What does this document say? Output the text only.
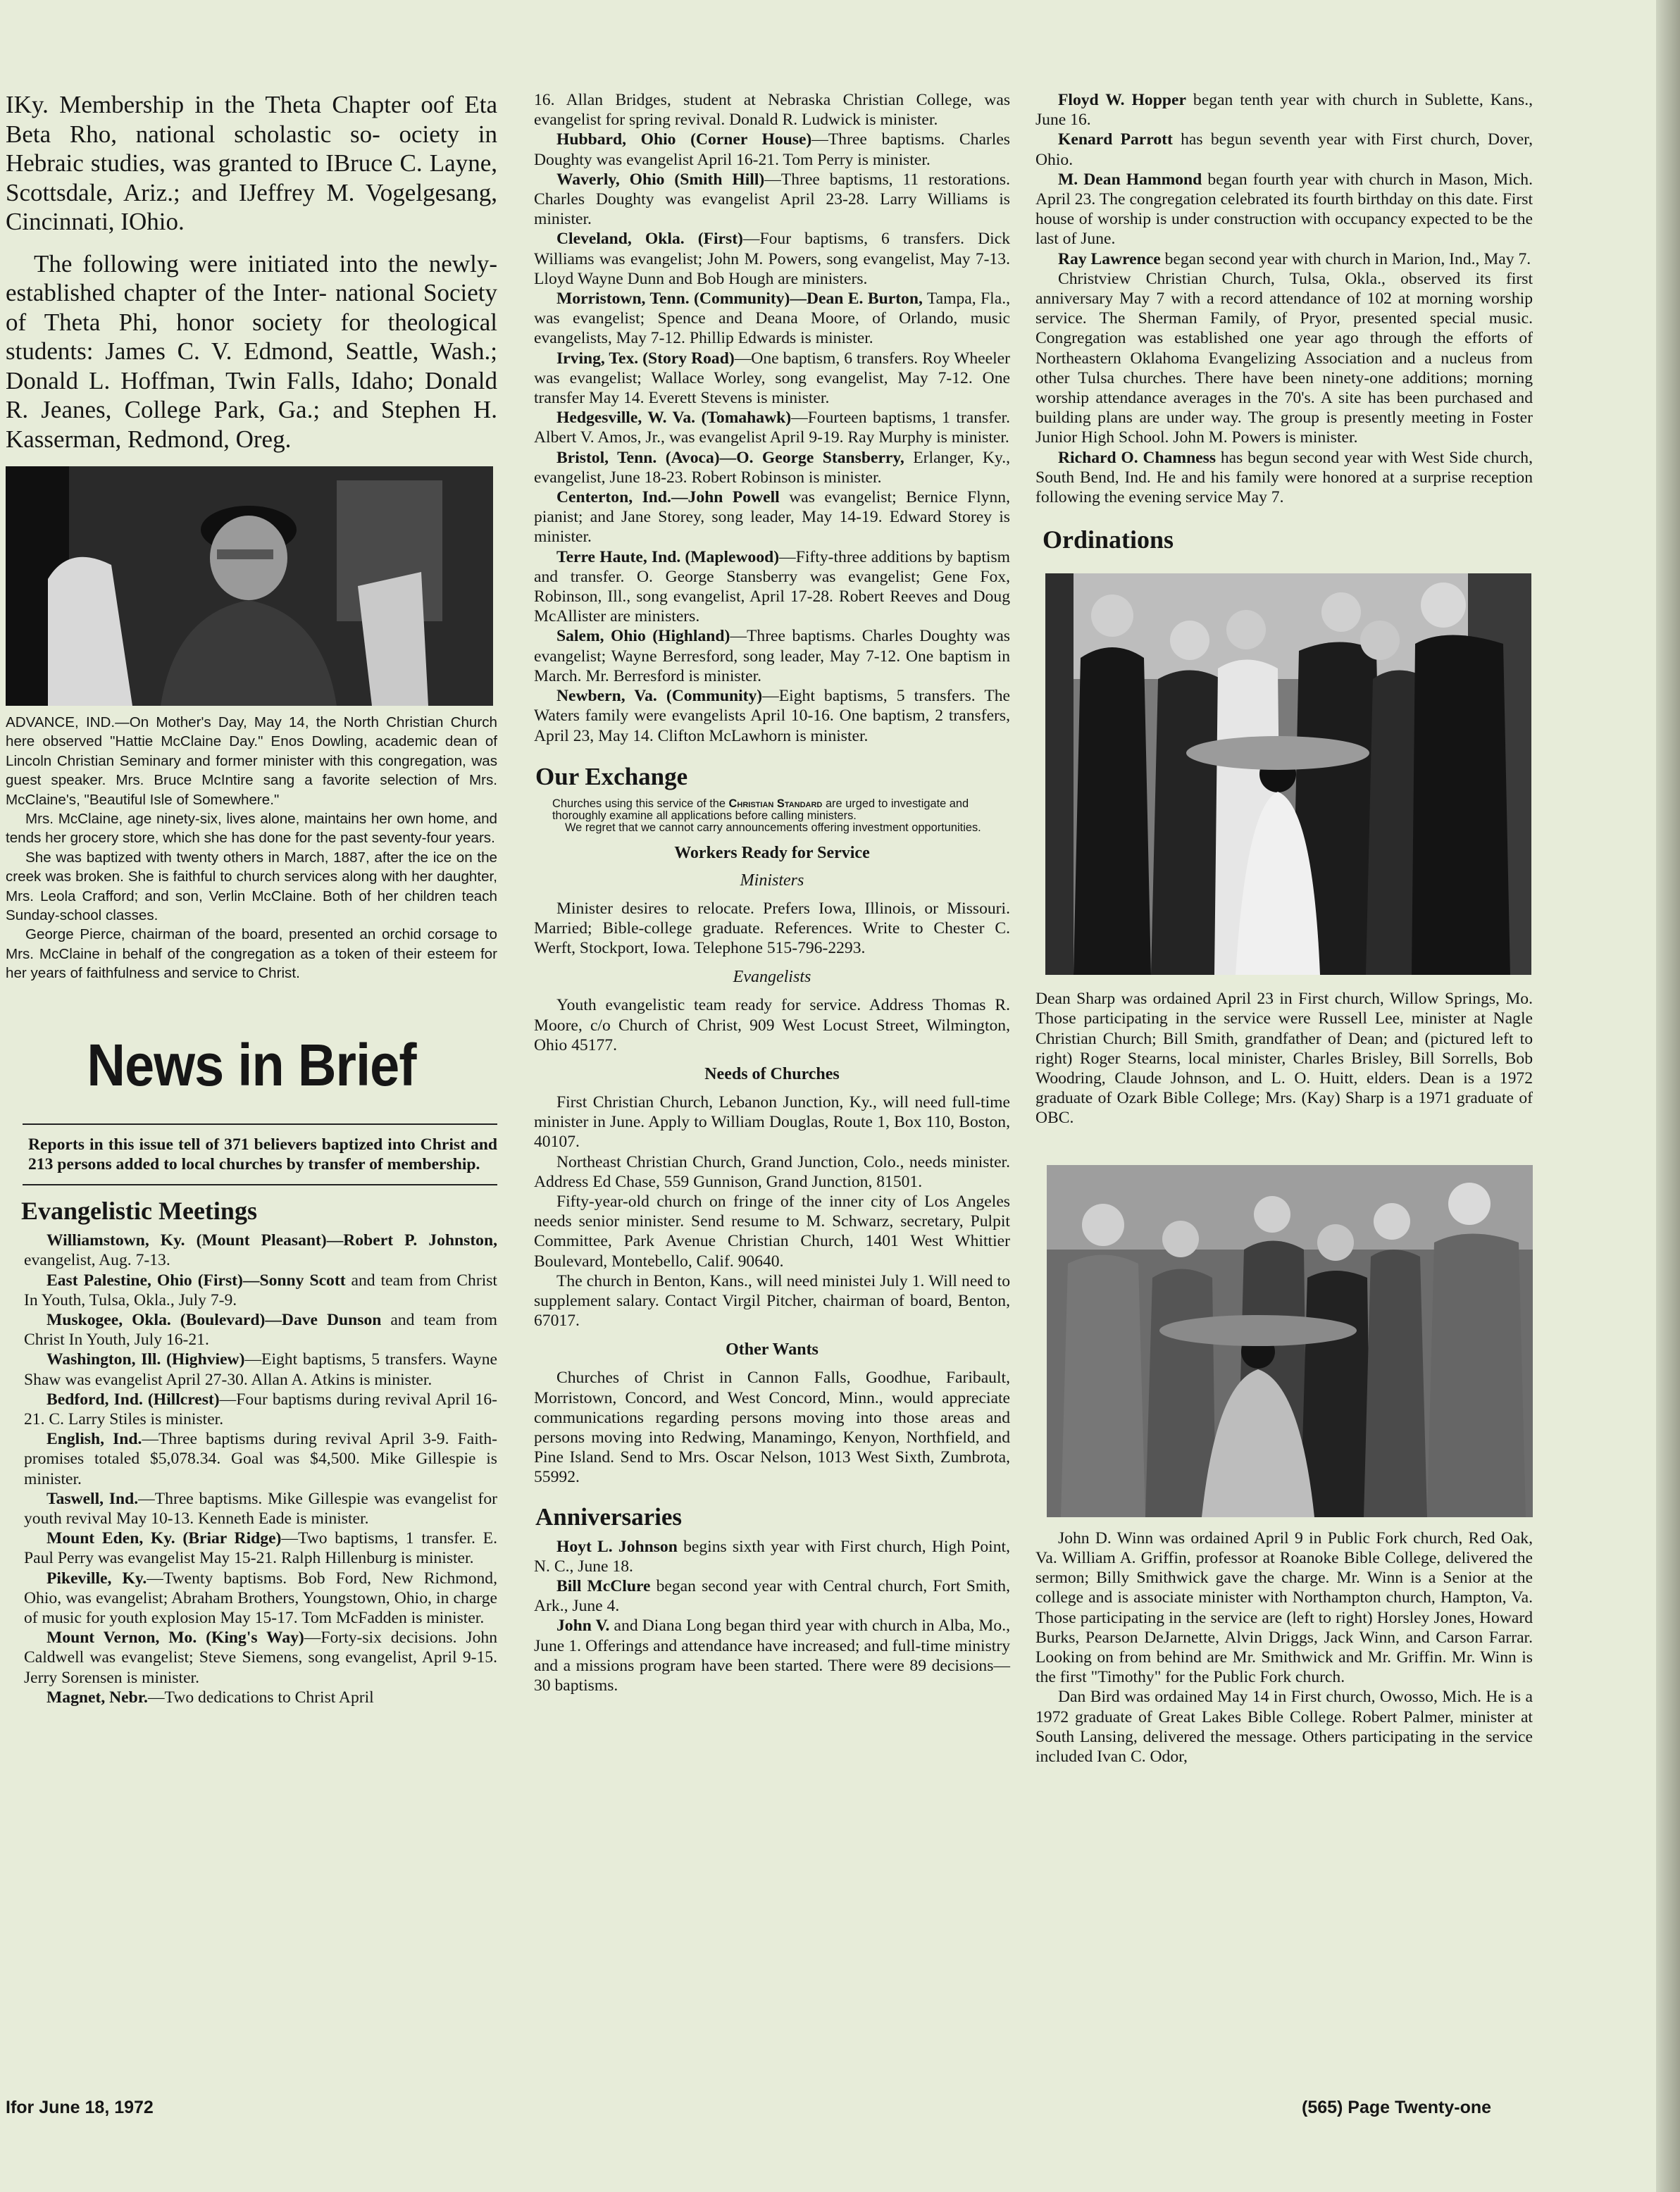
IKy. Membership in the Theta Chapter oof Eta Beta Rho, national scholastic so- ociety in Hebraic studies, was granted to IBruce C. Layne, Scottsdale, Ariz.; and IJeffrey M. Vogelgesang, Cincinnati, IOhio.

The following were initiated into the newly-established chapter of the Inter- national Society of Theta Phi, honor society for theological students: James C. V. Edmond, Seattle, Wash.; Donald L. Hoffman, Twin Falls, Idaho; Donald R. Jeanes, College Park, Ga.; and Stephen H. Kasserman, Redmond, Oreg.

ADVANCE, IND.—On Mother's Day, May 14, the North Christian Church here observed "Hattie McClaine Day." Enos Dowling, academic dean of Lincoln Christian Seminary and former minister with this congregation, was guest speaker. Mrs. Bruce McIntire sang a favorite selection of Mrs. McClaine's, "Beautiful Isle of Somewhere."

Mrs. McClaine, age ninety-six, lives alone, maintains her own home, and tends her grocery store, which she has done for the past seventy-four years.

She was baptized with twenty others in March, 1887, after the ice on the creek was broken. She is faithful to church services along with her daughter, Mrs. Leola Crafford; and son, Verlin McClaine. Both of her children teach Sunday-school classes.

George Pierce, chairman of the board, presented an orchid corsage to Mrs. McClaine in behalf of the congregation as a token of their esteem for her years of faithfulness and service to Christ.

News in Brief

Reports in this issue tell of 371 believers baptized into Christ and 213 persons added to local churches by transfer of membership.

Evangelistic Meetings

Williamstown, Ky. (Mount Pleasant)—Robert P. Johnston, evangelist, Aug. 7-13.

East Palestine, Ohio (First)—Sonny Scott and team from Christ In Youth, Tulsa, Okla., July 7-9.

Muskogee, Okla. (Boulevard)—Dave Dunson and team from Christ In Youth, July 16-21.

Washington, Ill. (Highview)—Eight baptisms, 5 transfers. Wayne Shaw was evangelist April 27-30. Allan A. Atkins is minister.

Bedford, Ind. (Hillcrest)—Four baptisms during revival April 16-21. C. Larry Stiles is minister.

English, Ind.—Three baptisms during revival April 3-9. Faith-promises totaled $5,078.34. Goal was $4,500. Mike Gillespie is minister.

Taswell, Ind.—Three baptisms. Mike Gillespie was evangelist for youth revival May 10-13. Kenneth Eade is minister.

Mount Eden, Ky. (Briar Ridge)—Two baptisms, 1 transfer. E. Paul Perry was evangelist May 15-21. Ralph Hillenburg is minister.

Pikeville, Ky.—Twenty baptisms. Bob Ford, New Richmond, Ohio, was evangelist; Abraham Brothers, Youngstown, Ohio, in charge of music for youth explosion May 15-17. Tom McFadden is minister.

Mount Vernon, Mo. (King's Way)—Forty-six decisions. John Caldwell was evangelist; Steve Siemens, song evangelist, April 9-15. Jerry Sorensen is minister.

Magnet, Nebr.—Two dedications to Christ April

16. Allan Bridges, student at Nebraska Christian College, was evangelist for spring revival. Donald R. Ludwick is minister.

Hubbard, Ohio (Corner House)—Three baptisms. Charles Doughty was evangelist April 16-21. Tom Perry is minister.

Waverly, Ohio (Smith Hill)—Three baptisms, 11 restorations. Charles Doughty was evangelist April 23-28. Larry Williams is minister.

Cleveland, Okla. (First)—Four baptisms, 6 transfers. Dick Williams was evangelist; John M. Powers, song evangelist, May 7-13. Lloyd Wayne Dunn and Bob Hough are ministers.

Morristown, Tenn. (Community)—Dean E. Burton, Tampa, Fla., was evangelist; Spence and Deana Moore, of Orlando, music evangelists, May 7-12. Phillip Edwards is minister.

Irving, Tex. (Story Road)—One baptism, 6 transfers. Roy Wheeler was evangelist; Wallace Worley, song evangelist, May 7-12. One transfer May 14. Everett Stevens is minister.

Hedgesville, W. Va. (Tomahawk)—Fourteen baptisms, 1 transfer. Albert V. Amos, Jr., was evangelist April 9-19. Ray Murphy is minister.

Bristol, Tenn. (Avoca)—O. George Stansberry, Erlanger, Ky., evangelist, June 18-23. Robert Robinson is minister.

Centerton, Ind.—John Powell was evangelist; Bernice Flynn, pianist; and Jane Storey, song leader, May 14-19. Edward Storey is minister.

Terre Haute, Ind. (Maplewood)—Fifty-three additions by baptism and transfer. O. George Stansberry was evangelist; Gene Fox, Robinson, Ill., song evangelist, April 17-28. Robert Reeves and Doug McAllister are ministers.

Salem, Ohio (Highland)—Three baptisms. Charles Doughty was evangelist; Wayne Berresford, song leader, May 7-12. One baptism in March. Mr. Berresford is minister.

Newbern, Va. (Community)—Eight baptisms, 5 transfers. The Waters family were evangelists April 10-16. One baptism, 2 transfers, April 23, May 14. Clifton McLawhorn is minister.

Our Exchange
Churches using this service of the Christian Standard are urged to investigate and thoroughly examine all applications before calling ministers.
We regret that we cannot carry announcements offering investment opportunities.
Workers Ready for Service
Ministers

Minister desires to relocate. Prefers Iowa, Illinois, or Missouri. Married; Bible-college graduate. References. Write to Chester C. Werft, Stockport, Iowa. Telephone 515-796-2293.

Evangelists

Youth evangelistic team ready for service. Address Thomas R. Moore, c/o Church of Christ, 909 West Locust Street, Wilmington, Ohio 45177.

Needs of Churches

First Christian Church, Lebanon Junction, Ky., will need full-time minister in June. Apply to William Douglas, Route 1, Box 110, Boston, 40107.

Northeast Christian Church, Grand Junction, Colo., needs minister. Address Ed Chase, 559 Gunnison, Grand Junction, 81501.

Fifty-year-old church on fringe of the inner city of Los Angeles needs senior minister. Send resume to M. Schwarz, secretary, Pulpit Committee, Park Avenue Christian Church, 1401 West Whittier Boulevard, Montebello, Calif. 90640.

The church in Benton, Kans., will need ministei July 1. Will need to supplement salary. Contact Virgil Pitcher, chairman of board, Benton, 67017.

Other Wants

Churches of Christ in Cannon Falls, Goodhue, Faribault, Morristown, Concord, and West Concord, Minn., would appreciate communications regarding persons moving into those areas and persons moving into Redwing, Manamingo, Kenyon, Northfield, and Pine Island. Send to Mrs. Oscar Nelson, 1013 West Sixth, Zumbrota, 55992.

Anniversaries

Hoyt L. Johnson begins sixth year with First church, High Point, N. C., June 18.

Bill McClure began second year with Central church, Fort Smith, Ark., June 4.

John V. and Diana Long began third year with church in Alba, Mo., June 1. Offerings and attendance have increased; and full-time ministry and a missions program have been started. There were 89 decisions—30 baptisms.

Floyd W. Hopper began tenth year with church in Sublette, Kans., June 16.

Kenard Parrott has begun seventh year with First church, Dover, Ohio.

M. Dean Hammond began fourth year with church in Mason, Mich. April 23. The congregation celebrated its fourth birthday on this date. First house of worship is under construction with occupancy expected to be the last of June.

Ray Lawrence began second year with church in Marion, Ind., May 7.

Christview Christian Church, Tulsa, Okla., observed its first anniversary May 7 with a record attendance of 102 at morning worship service. The Sherman Family, of Pryor, presented special music. Congregation was established one year ago through the efforts of Northeastern Oklahoma Evangelizing Association and a nucleus from other Tulsa churches. There have been ninety-one additions; morning worship attendance averages in the 70's. A site has been purchased and building plans are under way. The group is presently meeting in Foster Junior High School. John M. Powers is minister.

Richard O. Chamness has begun second year with West Side church, South Bend, Ind. He and his family were honored at a surprise reception following the evening service May 7.

Ordinations

Dean Sharp was ordained April 23 in First church, Willow Springs, Mo. Those participating in the service were Russell Lee, minister at Nagle Christian Church; Bill Smith, grandfather of Dean; and (pictured left to right) Roger Stearns, local minister, Charles Brisley, Bill Sorrells, Bob Woodring, Claude Johnson, and L. O. Huitt, elders. Dean is a 1972 graduate of Ozark Bible College; Mrs. (Kay) Sharp is a 1971 graduate of OBC.

John D. Winn was ordained April 9 in Public Fork church, Red Oak, Va. William A. Griffin, professor at Roanoke Bible College, delivered the sermon; Billy Smithwick gave the charge. Mr. Winn is a Senior at the college and is associate minister with Northampton church, Hampton, Va. Those participating in the service are (left to right) Horsley Jones, Howard Burks, Pearson DeJarnette, Alvin Driggs, Jack Winn, and Carson Farrar. Looking on from behind are Mr. Smithwick and Mr. Griffin. Mr. Winn is the first "Timothy" for the Public Fork church.

Dan Bird was ordained May 14 in First church, Owosso, Mich. He is a 1972 graduate of Great Lakes Bible College. Robert Palmer, minister at South Lansing, delivered the message. Others participating in the service included Ivan C. Odor,

Ifor June 18, 1972	(565) Page Twenty-one
